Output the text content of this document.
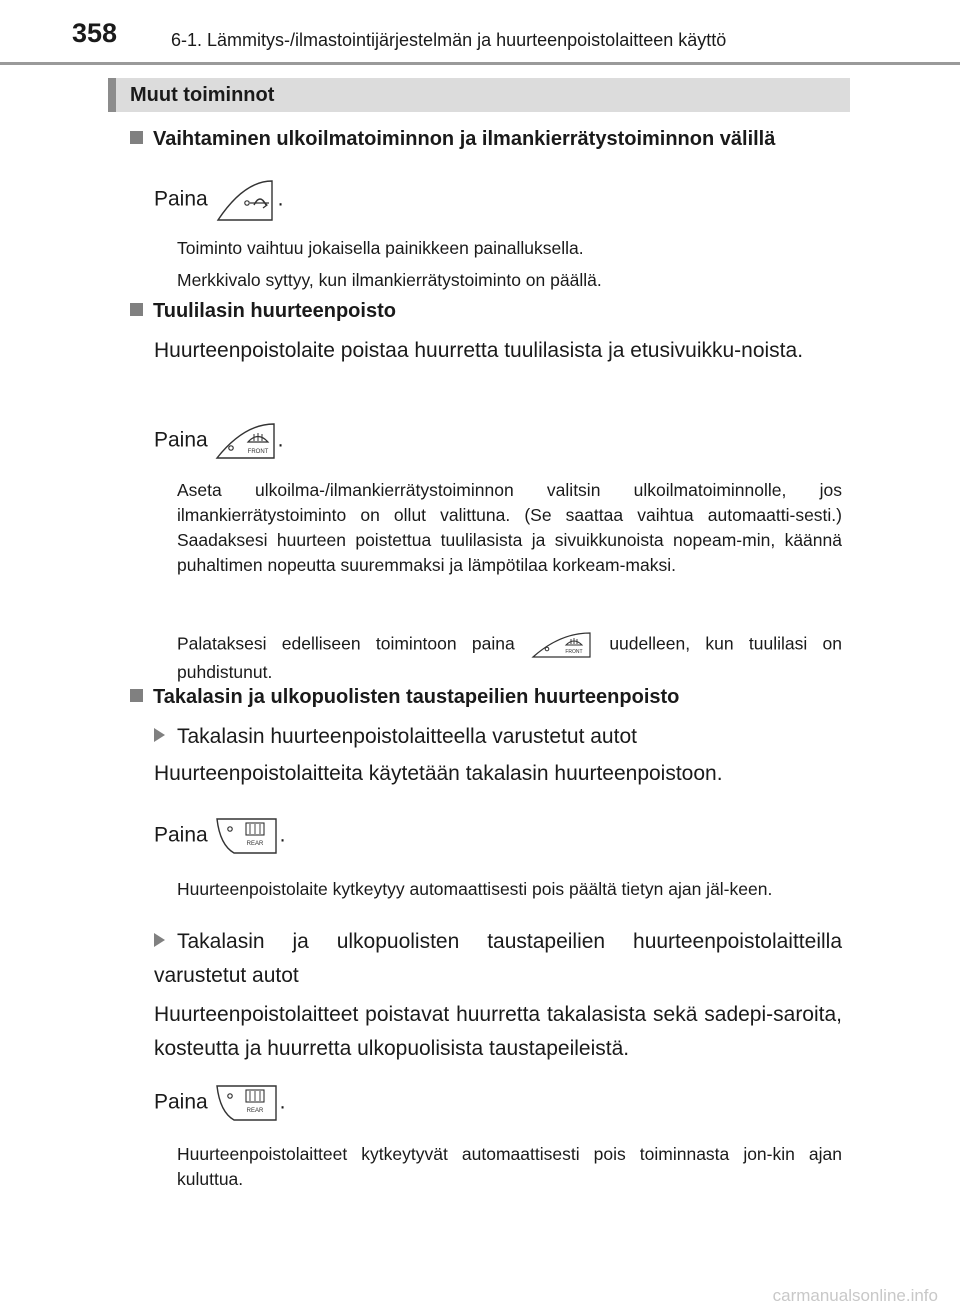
358	6-1. Lämmitys-/ilmastointijärjestelmän ja huurteenpoistolaitteen käyttö
Muut toiminnot
Vaihtaminen ulkoilmatoiminnon ja ilmankierrätystoiminnon välillä
Paina	.
Toiminto vaihtuu jokaisella painikkeen painalluksella.
Merkkivalo syttyy, kun ilmankierrätystoiminto on päällä.
Tuulilasin huurteenpoisto
Huurteenpoistolaite poistaa huurretta tuulilasista ja etusivuikku-noista.
Paina
FRONT
.
Aseta ulkoilma-/ilmankierrätystoiminnon valitsin ulkoilmatoiminnolle, jos ilmankierrätystoiminto on ollut valittuna. (Se saattaa vaihtua automaatti-sesti.) Saadaksesi huurteen poistettua tuulilasista ja sivuikkunoista nopeam-min, käännä puhaltimen nopeutta suuremmaksi ja lämpötilaa korkeam-maksi.
Palataksesi edelliseen toimintoon paina	FRONT uudelleen, kun tuulilasi on puhdistunut.
Takalasin ja ulkopuolisten taustapeilien huurteenpoisto
Takalasin huurteenpoistolaitteella varustetut autot
Huurteenpoistolaitteita käytetään takalasin huurteenpoistoon.
Paina	REAR .
Huurteenpoistolaite kytkeytyy automaattisesti pois päältä tietyn ajan jäl-keen.
Takalasin ja ulkopuolisten taustapeilien huurteenpoistolaitteilla varustetut autot
Huurteenpoistolaitteet poistavat huurretta takalasista sekä sadepi-saroita, kosteutta ja huurretta ulkopuolisista taustapeileistä.
Paina	REAR .
Huurteenpoistolaitteet kytkeytyvät automaattisesti pois toiminnasta jon-kin ajan kuluttua.
carmanualsonline.info
